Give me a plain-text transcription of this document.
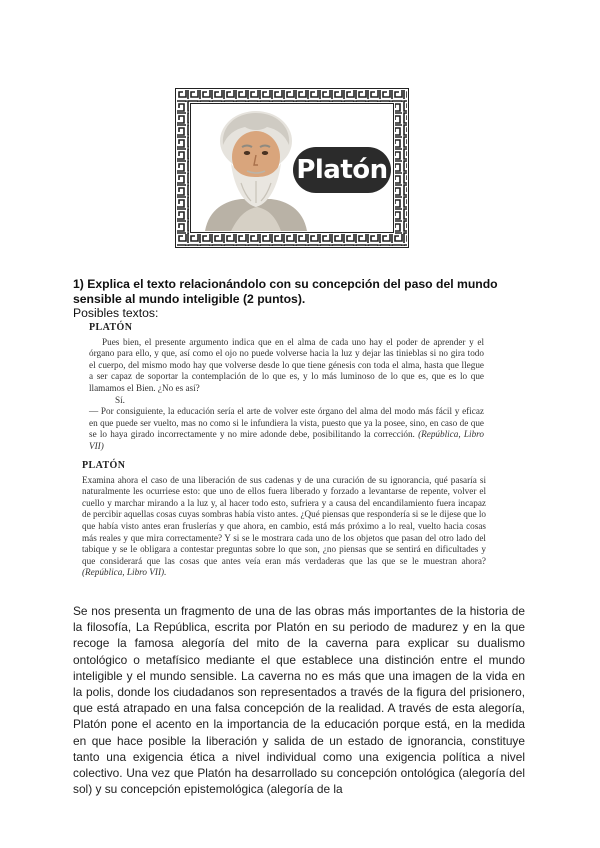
Platón
1) Explica el texto relacionándolo con su concepción del paso del mundo sensible al mundo inteligible (2 puntos).
Posibles textos:
PLATÓN

Pues bien, el presente argumento indica que en el alma de cada uno hay el poder de aprender y el órgano para ello, y que, así como el ojo no puede volverse hacia la luz y dejar las tinieblas si no gira todo el cuerpo, del mismo modo hay que volverse desde lo que tiene génesis con toda el alma, hasta que llegue a ser capaz de soportar la contemplación de lo que es, y lo más luminoso de lo que es, que es lo que llamamos el Bien. ¿No es así?

Sí.

— Por consiguiente, la educación sería el arte de volver este órgano del alma del modo más fácil y eficaz en que puede ser vuelto, mas no como si le infundiera la vista, puesto que ya la posee, sino, en caso de que se lo haya girado incorrectamente y no mire adonde debe, posibilitando la corrección. (República, Libro VII)

PLATÓN

Examina ahora el caso de una liberación de sus cadenas y de una curación de su ignorancia, qué pasaría si naturalmente les ocurriese esto: que uno de ellos fuera liberado y forzado a levantarse de repente, volver el cuello y marchar mirando a la luz y, al hacer todo esto, sufriera y a causa del encandilamiento fuera incapaz de percibir aquellas cosas cuyas sombras había visto antes. ¿Qué piensas que respondería si se le dijese que lo que había visto antes eran fruslerías y que ahora, en cambio, está más próximo a lo real, vuelto hacia cosas más reales y que mira correctamente? Y si se le mostrara cada uno de los objetos que pasan del otro lado del tabique y se le obligara a contestar preguntas sobre lo que son, ¿no piensas que se sentirá en dificultades y que considerará que las cosas que antes veía eran más verdaderas que las que se le muestran ahora? (República, Libro VII).

Se nos presenta un fragmento de una de las obras más importantes de la historia de la filosofía, La República, escrita por Platón en su periodo de madurez y en la que recoge la famosa alegoría del mito de la caverna para explicar su dualismo ontológico o metafísico mediante el que establece una distinción entre el mundo inteligible y el mundo sensible. La caverna no es más que una imagen de la vida en la polis, donde los ciudadanos son representados a través de la figura del prisionero, que está atrapado en una falsa concepción de la realidad. A través de esta alegoría, Platón pone el acento en la importancia de la educación porque está, en la medida en que hace posible la liberación y salida de un estado de ignorancia, constituye tanto una exigencia ética a nivel individual como una exigencia política a nivel colectivo. Una vez que Platón ha desarrollado su concepción ontológica (alegoría del sol) y su concepción epistemológica (alegoría de la
